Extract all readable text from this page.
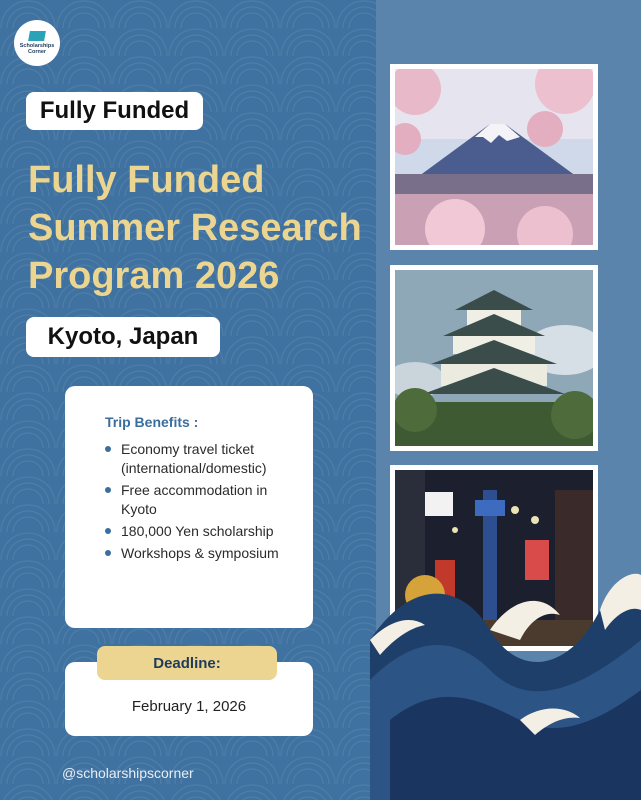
Scholarships
Corner
Fully Funded
Fully Funded
Summer Research
Program 2026
Kyoto, Japan
Trip Benefits :
Economy travel ticket (international/domestic)
Free accommodation in Kyoto
180,000 Yen scholarship
Workshops & symposium
Deadline:
February 1, 2026
@scholarshipscorner
